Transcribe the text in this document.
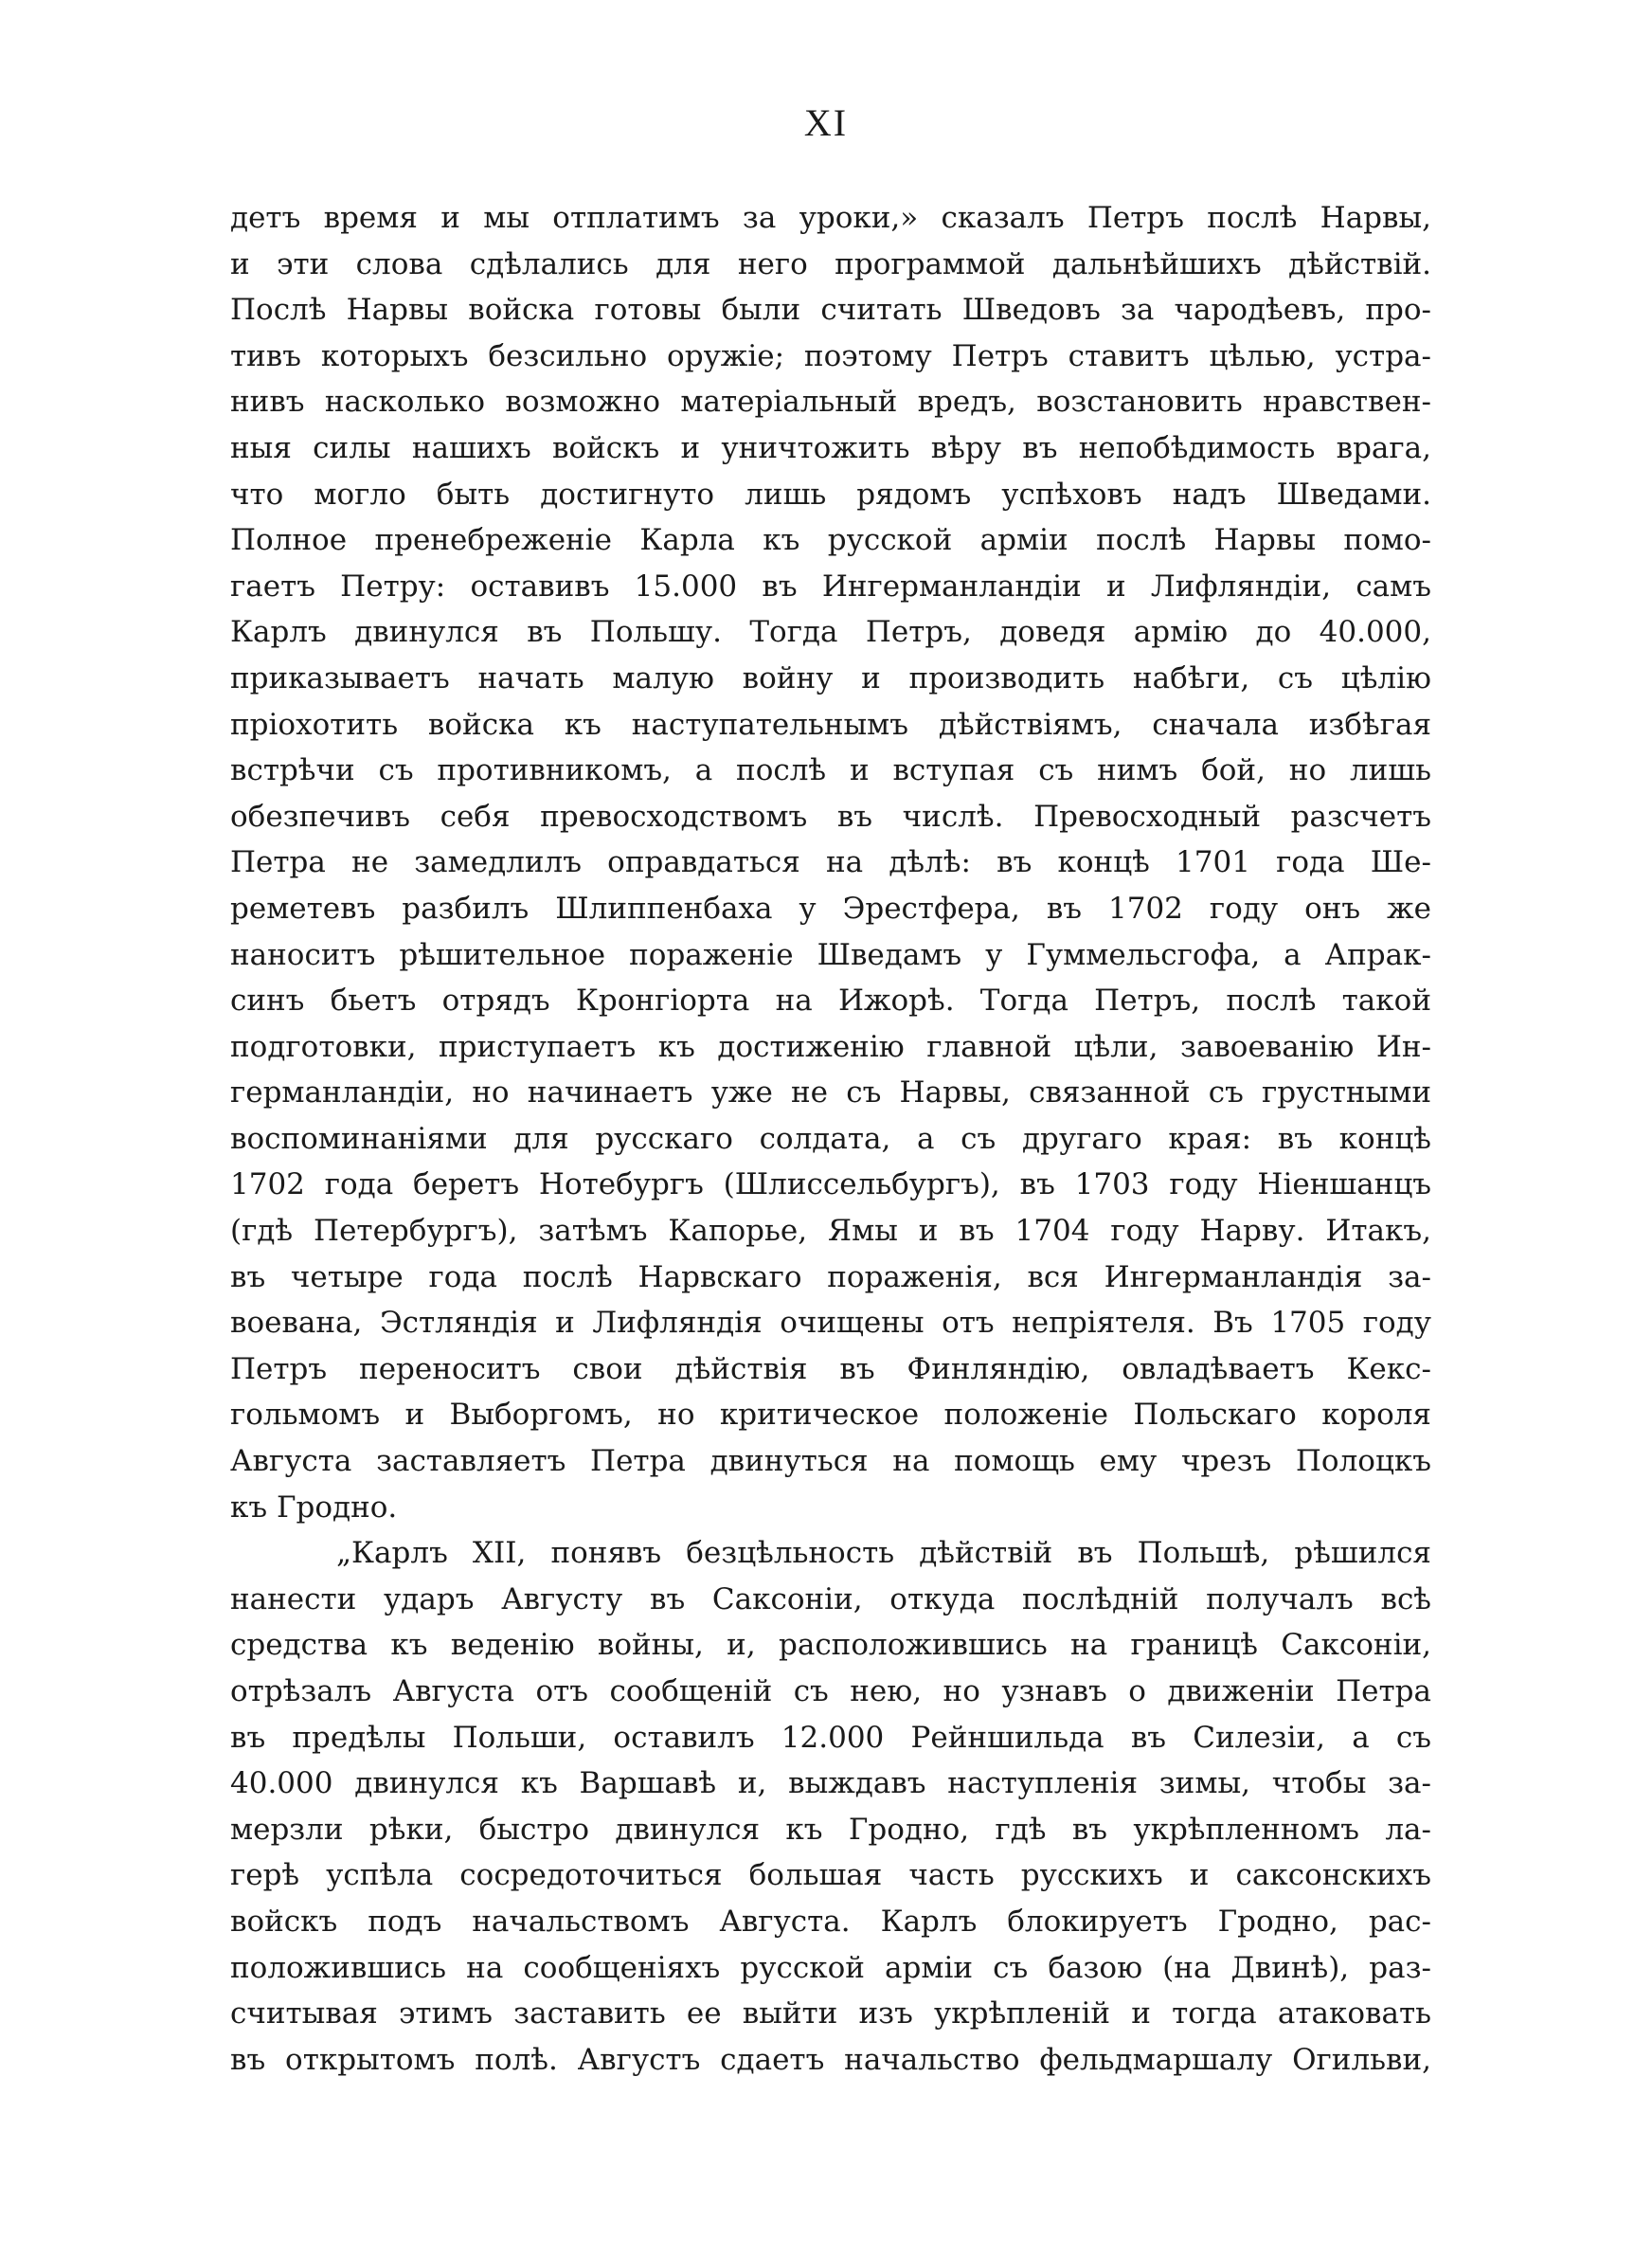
XI
детъ время и мы отплатимъ за уроки,» сказалъ Петръ послѣ Нарвы,
и эти слова сдѣлались для него программой дальнѣйшихъ дѣйствій.
Послѣ Нарвы войска готовы были считать Шведовъ за чародѣевъ, про-
тивъ которыхъ безсильно оружіе; поэтому Петръ ставитъ цѣлью, устра-
нивъ насколько возможно матеріальный вредъ, возстановить нравствен-
ныя силы нашихъ войскъ и уничтожить вѣру въ непобѣдимость врага,
что могло быть достигнуто лишь рядомъ успѣховъ надъ Шведами.
Полное пренебреженіе Карла къ русской арміи послѣ Нарвы помо-
гаетъ Петру: оставивъ 15.000 въ Ингерманландіи и Лифляндіи, самъ
Карлъ двинулся въ Польшу. Тогда Петръ, доведя армію до 40.000,
приказываетъ начать малую войну и производить набѣги, съ цѣлію
пріохотить войска къ наступательнымъ дѣйствіямъ, сначала избѣгая
встрѣчи съ противникомъ, а послѣ и вступая съ нимъ бой, но лишь
обезпечивъ себя превосходствомъ въ числѣ. Превосходный разсчетъ
Петра не замедлилъ оправдаться на дѣлѣ: въ концѣ 1701 года Ше-
реметевъ разбилъ Шлиппенбаха у Эрестфера, въ 1702 году онъ же
наноситъ рѣшительное пораженіе Шведамъ у Гуммельсгофа, а Апрак-
синъ бьетъ отрядъ Кронгіорта на Ижорѣ. Тогда Петръ, послѣ такой
подготовки, приступаетъ къ достиженію главной цѣли, завоеванію Ин-
германландіи, но начинаетъ уже не съ Нарвы, связанной съ грустными
воспоминаніями для русскаго солдата, а съ другаго края: въ концѣ
1702 года беретъ Нотебургъ (Шлиссельбургъ), въ 1703 году Ніеншанцъ
(гдѣ Петербургъ), затѣмъ Капорье, Ямы и въ 1704 году Нарву. Итакъ,
въ четыре года послѣ Нарвскаго пораженія, вся Ингерманландія за-
воевана, Эстляндія и Лифляндія очищены отъ непріятеля. Въ 1705 году
Петръ переноситъ свои дѣйствія въ Финляндію, овладѣваетъ Кекс-
гольмомъ и Выборгомъ, но критическое положеніе Польскаго короля
Августа заставляетъ Петра двинуться на помощь ему чрезъ Полоцкъ
къ Гродно.
„Карлъ XII, понявъ безцѣльность дѣйствій въ Польшѣ, рѣшился
нанести ударъ Августу въ Саксоніи, откуда послѣдній получалъ всѣ
средства къ веденію войны, и, расположившись на границѣ Саксоніи,
отрѣзалъ Августа отъ сообщеній съ нею, но узнавъ о движеніи Петра
въ предѣлы Польши, оставилъ 12.000 Рейншильда въ Силезіи, а съ
40.000 двинулся къ Варшавѣ и, выждавъ наступленія зимы, чтобы за-
мерзли рѣки, быстро двинулся къ Гродно, гдѣ въ укрѣпленномъ ла-
герѣ успѣла сосредоточиться большая часть русскихъ и саксонскихъ
войскъ подъ начальствомъ Августа. Карлъ блокируетъ Гродно, рас-
положившись на сообщеніяхъ русской арміи съ базою (на Двинѣ), раз-
считывая этимъ заставить ее выйти изъ укрѣпленій и тогда атаковать
въ открытомъ полѣ. Августъ сдаетъ начальство фельдмаршалу Огильви,
